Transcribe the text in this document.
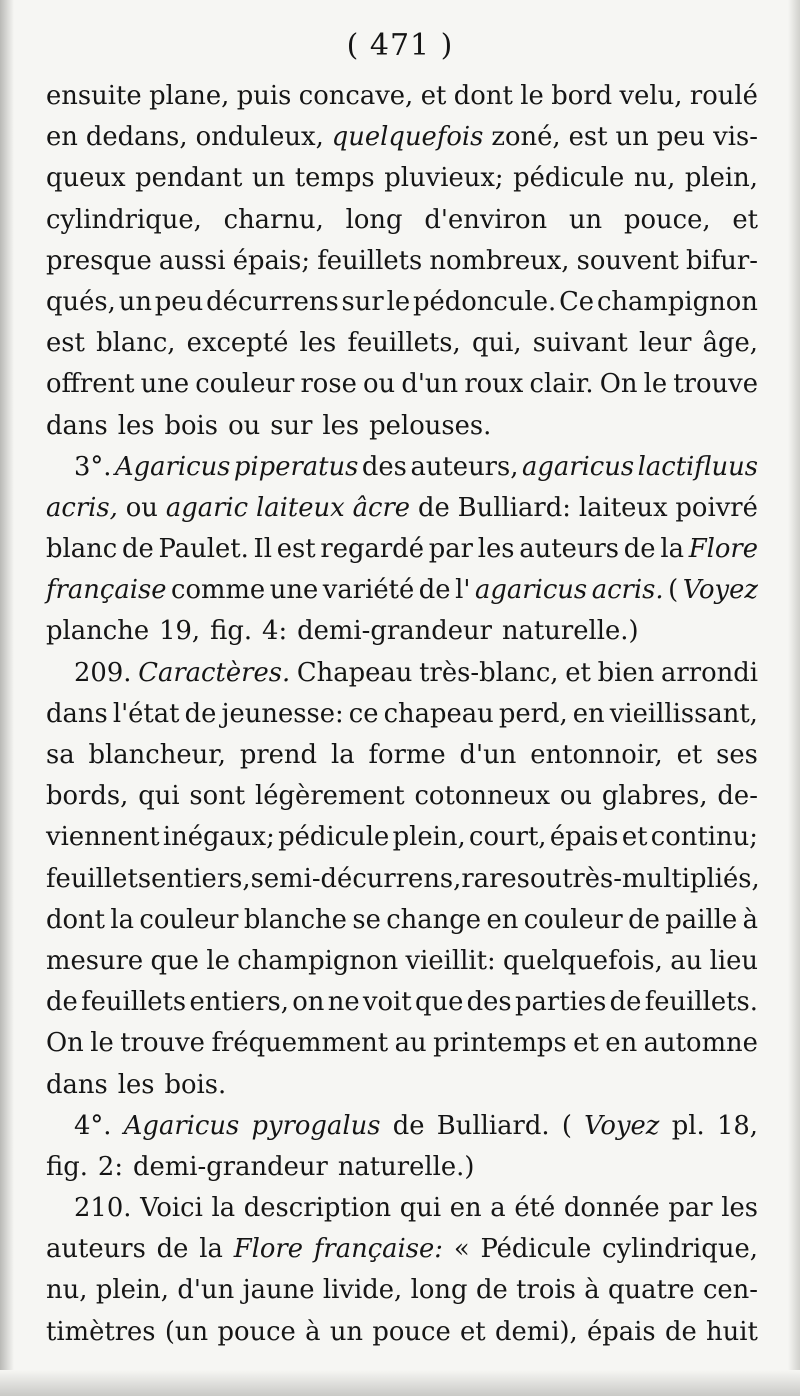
( 471 )
ensuite plane, puis concave, et dont le bord velu, roulé
en dedans, onduleux, quelquefois zoné, est un peu vis-
queux pendant un temps pluvieux; pédicule nu, plein,
cylindrique, charnu, long d'environ un pouce, et
presque aussi épais; feuillets nombreux, souvent bifur-
qués, un peu décurrens sur le pédoncule. Ce champignon
est blanc, excepté les feuillets, qui, suivant leur âge,
offrent une couleur rose ou d'un roux clair. On le trouve
dans les bois ou sur les pelouses.
3°. Agaricus piperatus des auteurs, agaricus lactifluus
acris, ou agaric laiteux âcre de Bulliard: laiteux poivré
blanc de Paulet. Il est regardé par les auteurs de la Flore
française comme une variété de l' agaricus acris. ( Voyez
planche 19, fig. 4: demi-grandeur naturelle.)
209. Caractères. Chapeau très-blanc, et bien arrondi
dans l'état de jeunesse: ce chapeau perd, en vieillissant,
sa blancheur, prend la forme d'un entonnoir, et ses
bords, qui sont légèrement cotonneux ou glabres, de-
viennent inégaux; pédicule plein, court, épais et continu;
feuillets entiers, semi-décurrens, rares ou très-multipliés,
dont la couleur blanche se change en couleur de paille à
mesure que le champignon vieillit: quelquefois, au lieu
de feuillets entiers, on ne voit que des parties de feuillets.
On le trouve fréquemment au printemps et en automne
dans les bois.
4°. Agaricus pyrogalus de Bulliard. ( Voyez pl. 18,
fig. 2: demi-grandeur naturelle.)
210. Voici la description qui en a été donnée par les
auteurs de la Flore française: « Pédicule cylindrique,
nu, plein, d'un jaune livide, long de trois à quatre cen-
timètres (un pouce à un pouce et demi), épais de huit
